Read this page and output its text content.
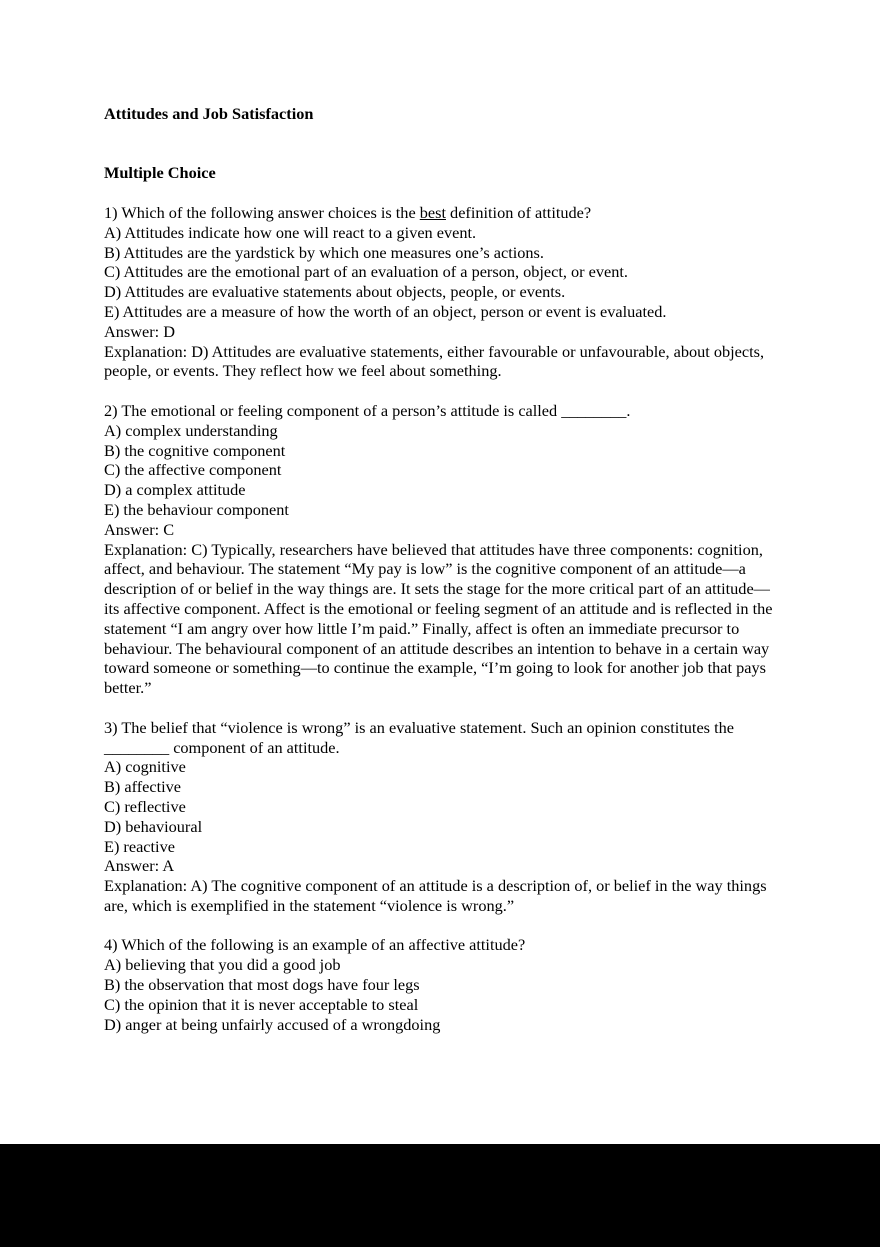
Attitudes and Job Satisfaction

Multiple Choice

1) Which of the following answer choices is the best definition of attitude?

A) Attitudes indicate how one will react to a given event.

B) Attitudes are the yardstick by which one measures one’s actions.

C) Attitudes are the emotional part of an evaluation of a person, object, or event.

D) Attitudes are evaluative statements about objects, people, or events.

E) Attitudes are a measure of how the worth of an object, person or event is evaluated.

Answer: D

Explanation: D) Attitudes are evaluative statements, either favourable or unfavourable, about objects, people, or events. They reflect how we feel about something.

2) The emotional or feeling component of a person’s attitude is called ________.

A) complex understanding

B) the cognitive component

C) the affective component

D) a complex attitude

E) the behaviour component

Answer: C

Explanation: C) Typically, researchers have believed that attitudes have three components: cognition, affect, and behaviour. The statement “My pay is low” is the cognitive component of an attitude—a description of or belief in the way things are. It sets the stage for the more critical part of an attitude—its affective component. Affect is the emotional or feeling segment of an attitude and is reflected in the statement “I am angry over how little I’m paid.” Finally, affect is often an immediate precursor to behaviour. The behavioural component of an attitude describes an intention to behave in a certain way toward someone or something—to continue the example, “I’m going to look for another job that pays better.”

3) The belief that “violence is wrong” is an evaluative statement. Such an opinion constitutes the ________ component of an attitude.

A) cognitive

B) affective

C) reflective

D) behavioural

E) reactive

Answer: A

Explanation: A) The cognitive component of an attitude is a description of, or belief in the way things are, which is exemplified in the statement “violence is wrong.”

4) Which of the following is an example of an affective attitude?

A) believing that you did a good job

B) the observation that most dogs have four legs

C) the opinion that it is never acceptable to steal

D) anger at being unfairly accused of a wrongdoing
